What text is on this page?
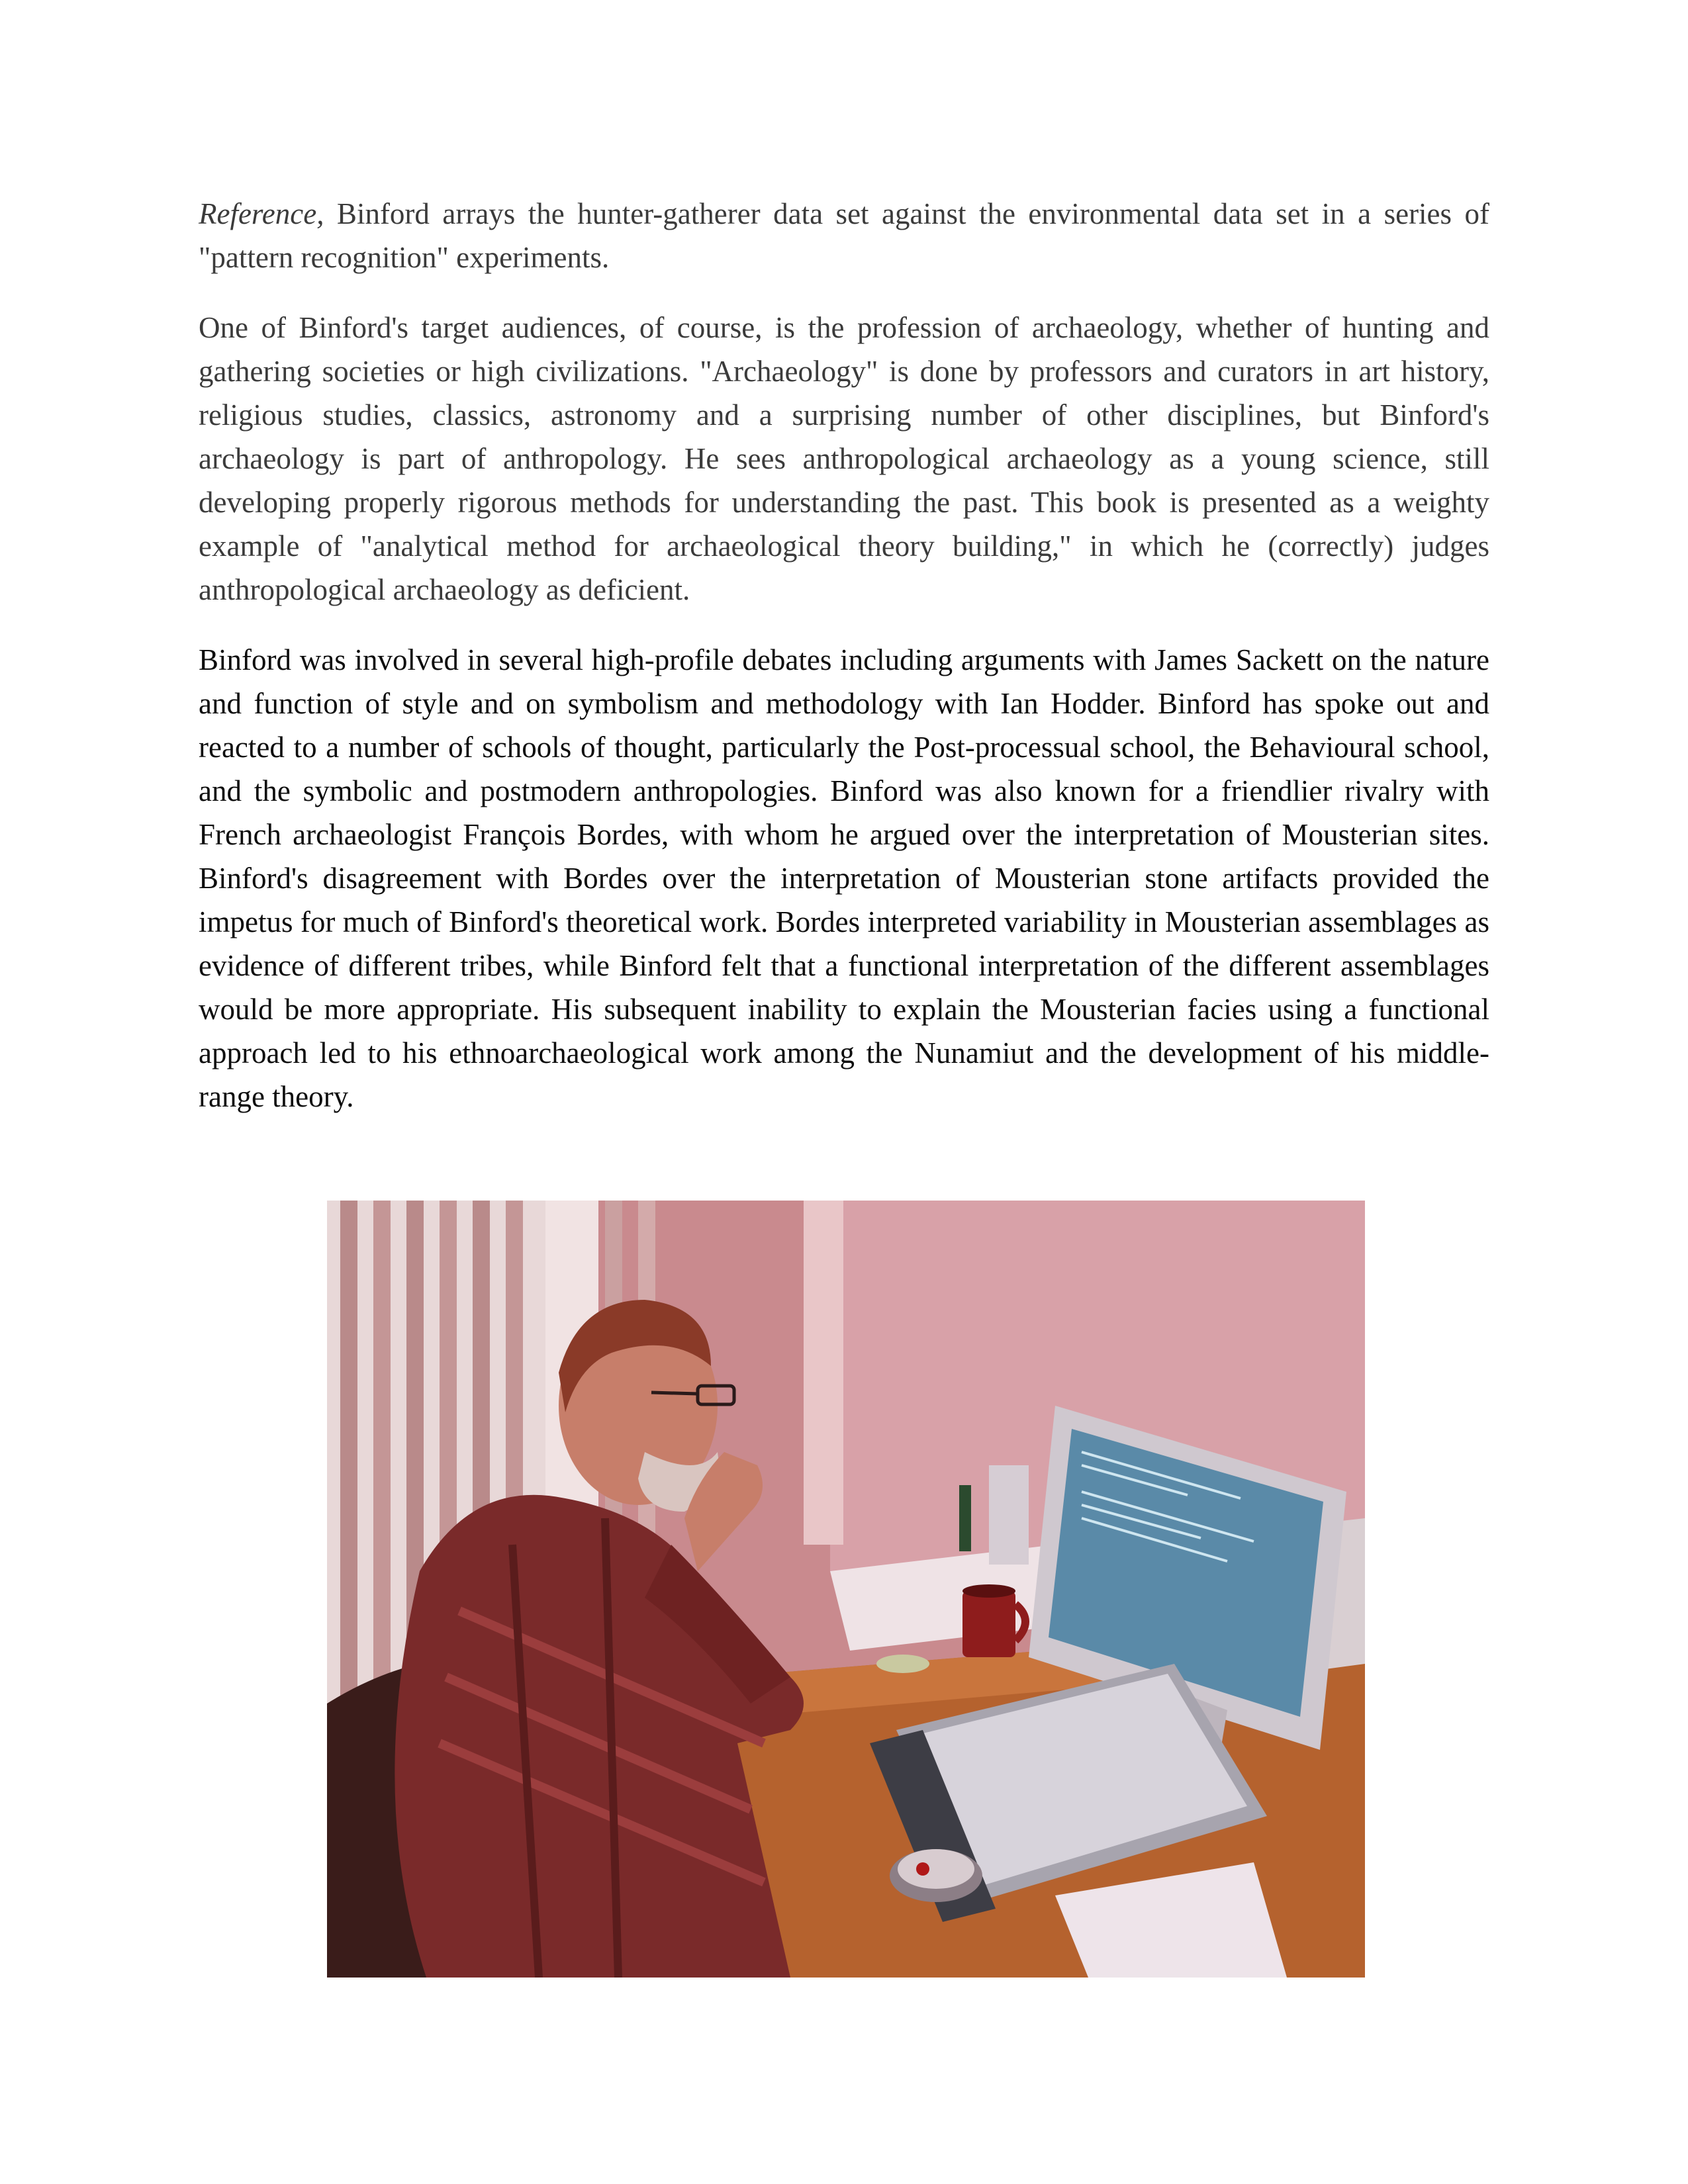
Reference, Binford arrays the hunter-gatherer data set against the environmental data set in a series of "pattern recognition" experiments.

One of Binford's target audiences, of course, is the profession of archaeology, whether of hunting and gathering societies or high civilizations. "Archaeology" is done by professors and curators in art history, religious studies, classics, astronomy and a surprising number of other disciplines, but Binford's archaeology is part of anthropology. He sees anthropological archaeology as a young science, still developing properly rigorous methods for understanding the past. This book is presented as a weighty example of "analytical method for archaeological theory building," in which he (correctly) judges anthropological archaeology as deficient.

Binford was involved in several high-profile debates including arguments with James Sackett on the nature and function of style and on symbolism and methodology with Ian Hodder. Binford has spoke out and reacted to a number of schools of thought, particularly the Post-processual school, the Behavioural school, and the symbolic and postmodern anthropologies. Binford was also known for a friendlier rivalry with French archaeologist François Bordes, with whom he argued over the interpretation of Mousterian sites. Binford's disagreement with Bordes over the interpretation of Mousterian stone artifacts provided the impetus for much of Binford's theoretical work. Bordes interpreted variability in Mousterian assemblages as evidence of different tribes, while Binford felt that a functional interpretation of the different assemblages would be more appropriate. His subsequent inability to explain the Mousterian facies using a functional approach led to his ethnoarchaeological work among the Nunamiut and the development of his middle-range theory.
